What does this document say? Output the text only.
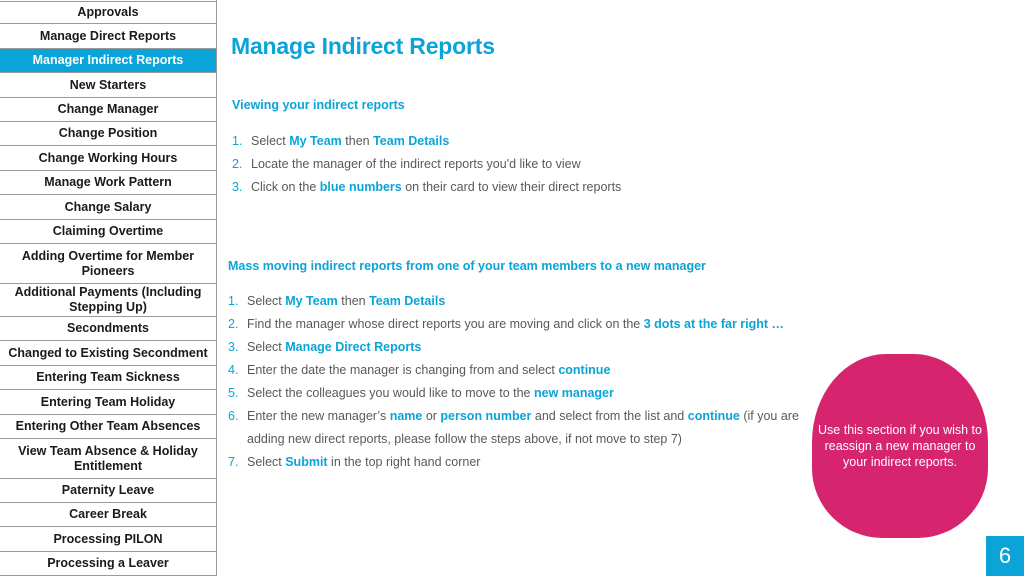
Approvals
Manage Direct Reports
Manager Indirect Reports
New Starters
Change Manager
Change Position
Change Working Hours
Manage Work Pattern
Change Salary
Claiming Overtime
Adding Overtime for Member Pioneers
Additional Payments (Including Stepping Up)
Secondments
Changed to Existing Secondment
Entering Team Sickness
Entering Team Holiday
Entering Other Team Absences
View Team Absence & Holiday Entitlement
Paternity Leave
Career Break
Processing PILON
Processing a Leaver
Manage Indirect Reports
Viewing your indirect reports
1. Select My Team then Team Details
2. Locate the manager of the indirect reports you'd like to view
3. Click on the blue numbers on their card to view their direct reports
Mass moving indirect reports from one of your team members to a new manager
1. Select My Team then Team Details
2. Find the manager whose direct reports you are moving and click on the 3 dots at the far right …
3. Select Manage Direct Reports
4. Enter the date the manager is changing from and select continue
5. Select the colleagues you would like to move to the new manager
6. Enter the new manager’s name or person number and select from the list and continue (if you are
adding new direct reports, please follow the steps above, if not move to step 7)
7. Select Submit in the top right hand corner
Use this section if you wish to reassign a new manager to your indirect reports.
6
